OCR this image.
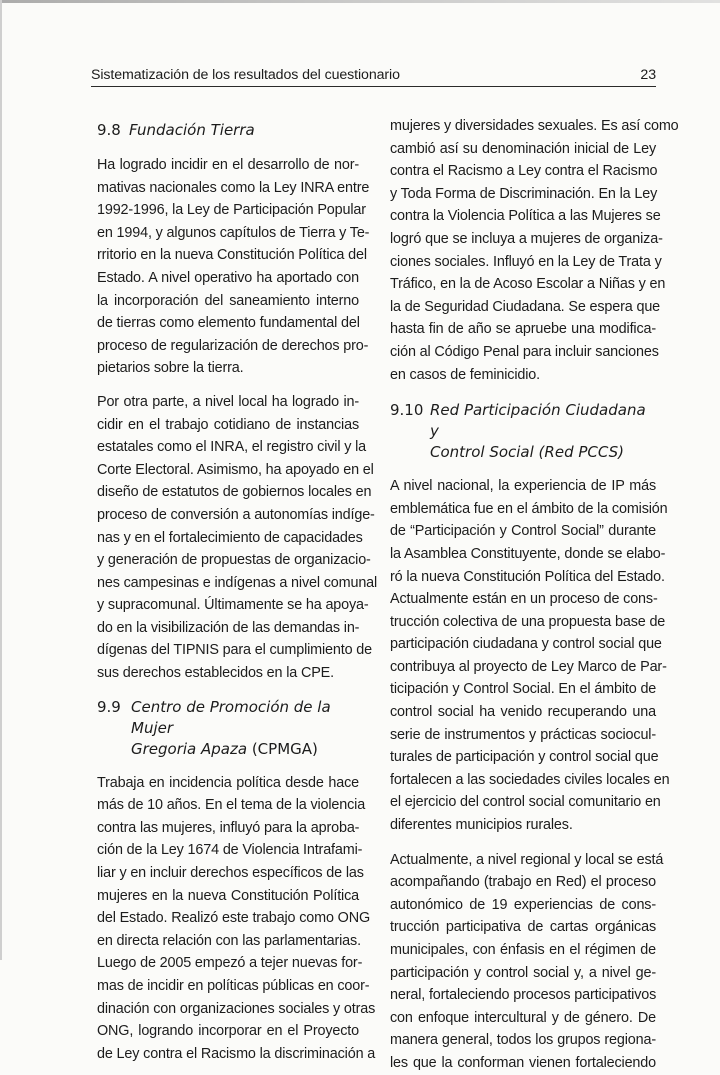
Sistematización de los resultados del cuestionario	23
9.8 Fundación Tierra
Ha logrado incidir en el desarrollo de nor-
mativas nacionales como la Ley INRA entre
1992-1996, la Ley de Participación Popular
en 1994, y algunos capítulos de Tierra y Te-
rritorio en la nueva Constitución Política del
Estado. A nivel operativo ha aportado con
la incorporación del saneamiento interno
de tierras como elemento fundamental del
proceso de regularización de derechos pro-
pietarios sobre la tierra.
Por otra parte, a nivel local ha logrado in-
cidir en el trabajo cotidiano de instancias
estatales como el INRA, el registro civil y la
Corte Electoral. Asimismo, ha apoyado en el
diseño de estatutos de gobiernos locales en
proceso de conversión a autonomías indíge-
nas y en el fortalecimiento de capacidades
y generación de propuestas de organizacio-
nes campesinas e indígenas a nivel comunal
y supracomunal. Últimamente se ha apoya-
do en la visibilización de las demandas in-
dígenas del TIPNIS para el cumplimiento de
sus derechos establecidos en la CPE.
9.9 Centro de Promoción de la Mujer
Gregoria Apaza (CPMGA)
Trabaja en incidencia política desde hace
más de 10 años. En el tema de la violencia
contra las mujeres, influyó para la aproba-
ción de la Ley 1674 de Violencia Intrafami-
liar y en incluir derechos específicos de las
mujeres en la nueva Constitución Política
del Estado. Realizó este trabajo como ONG
en directa relación con las parlamentarias.
Luego de 2005 empezó a tejer nuevas for-
mas de incidir en políticas públicas en coor-
dinación con organizaciones sociales y otras
ONG, logrando incorporar en el Proyecto
de Ley contra el Racismo la discriminación a
mujeres y diversidades sexuales. Es así como
cambió así su denominación inicial de Ley
contra el Racismo a Ley contra el Racismo
y Toda Forma de Discriminación. En la Ley
contra la Violencia Política a las Mujeres se
logró que se incluya a mujeres de organiza-
ciones sociales. Influyó en la Ley de Trata y
Tráfico, en la de Acoso Escolar a Niñas y en
la de Seguridad Ciudadana. Se espera que
hasta fin de año se apruebe una modifica-
ción al Código Penal para incluir sanciones
en casos de feminicidio.
9.10 Red Participación Ciudadana y
Control Social (Red PCCS)
A nivel nacional, la experiencia de IP más
emblemática fue en el ámbito de la comisión
de “Participación y Control Social” durante
la Asamblea Constituyente, donde se elabo-
ró la nueva Constitución Política del Estado.
Actualmente están en un proceso de cons-
trucción colectiva de una propuesta base de
participación ciudadana y control social que
contribuya al proyecto de Ley Marco de Par-
ticipación y Control Social. En el ámbito de
control social ha venido recuperando una
serie de instrumentos y prácticas sociocul-
turales de participación y control social que
fortalecen a las sociedades civiles locales en
el ejercicio del control social comunitario en
diferentes municipios rurales.
Actualmente, a nivel regional y local se está
acompañando (trabajo en Red) el proceso
autonómico de 19 experiencias de cons-
trucción participativa de cartas orgánicas
municipales, con énfasis en el régimen de
participación y control social y, a nivel ge-
neral, fortaleciendo procesos participativos
con enfoque intercultural y de género. De
manera general, todos los grupos regiona-
les que la conforman vienen fortaleciendo
